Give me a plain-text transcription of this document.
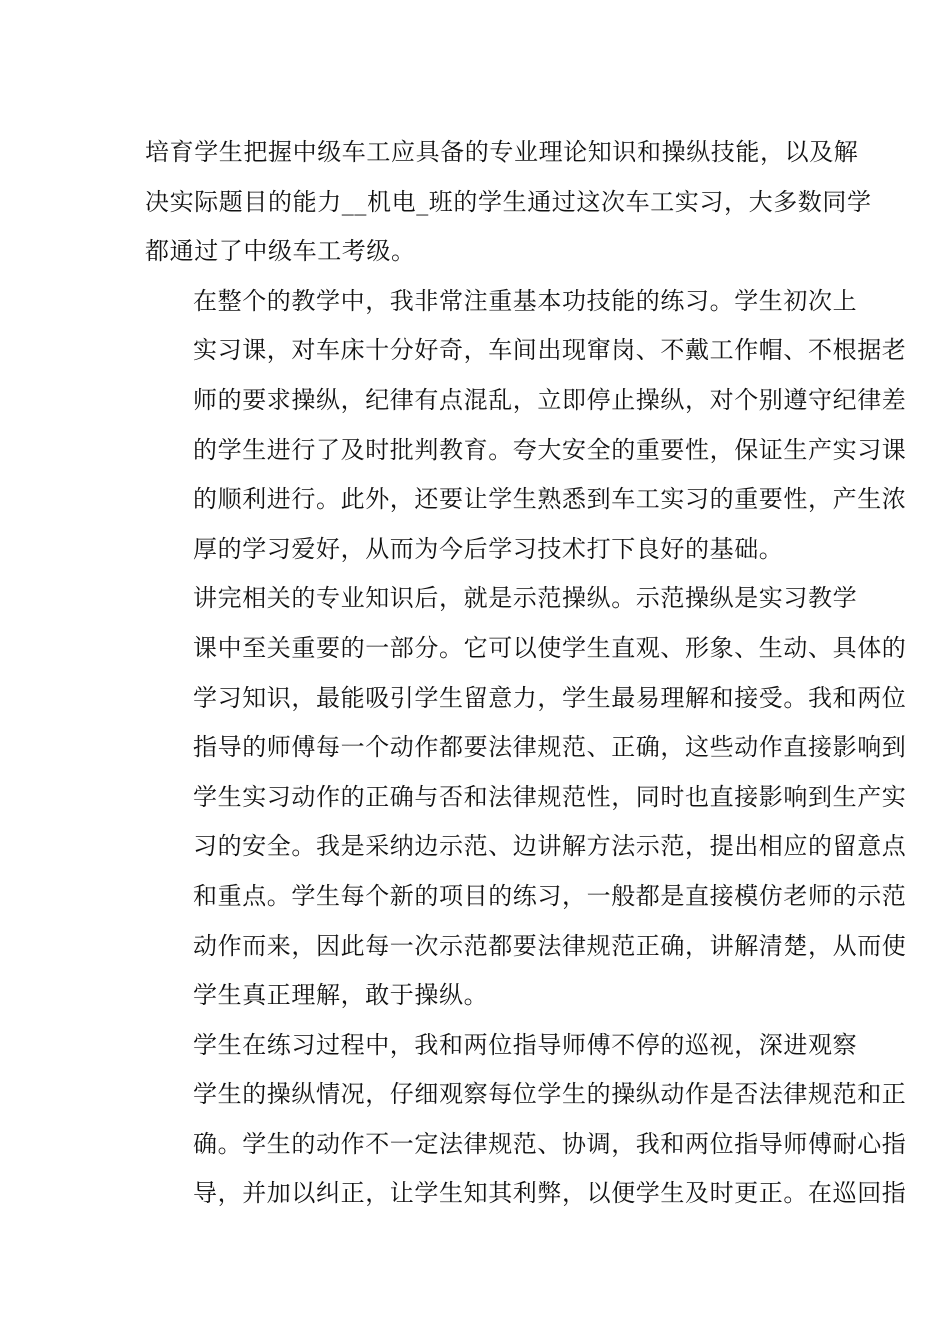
培育学生把握中级车工应具备的专业理论知识和操纵技能，以及解
决实际题目的能力__机电_班的学生通过这次车工实习，大多数同学
都通过了中级车工考级。

在整个的教学中，我非常注重基本功技能的练习。学生初次上
实习课，对车床十分好奇，车间出现窜岗、不戴工作帽、不根据老
师的要求操纵，纪律有点混乱，立即停止操纵，对个别遵守纪律差
的学生进行了及时批判教育。夸大安全的重要性，保证生产实习课
的顺利进行。此外，还要让学生熟悉到车工实习的重要性，产生浓
厚的学习爱好，从而为今后学习技术打下良好的基础。

讲完相关的专业知识后，就是示范操纵。示范操纵是实习教学
课中至关重要的一部分。它可以使学生直观、形象、生动、具体的
学习知识，最能吸引学生留意力，学生最易理解和接受。我和两位
指导的师傅每一个动作都要法律规范、正确，这些动作直接影响到
学生实习动作的正确与否和法律规范性，同时也直接影响到生产实
习的安全。我是采纳边示范、边讲解方法示范，提出相应的留意点
和重点。学生每个新的项目的练习，一般都是直接模仿老师的示范
动作而来，因此每一次示范都要法律规范正确，讲解清楚，从而使
学生真正理解，敢于操纵。

学生在练习过程中，我和两位指导师傅不停的巡视，深进观察
学生的操纵情况，仔细观察每位学生的操纵动作是否法律规范和正
确。学生的动作不一定法律规范、协调，我和两位指导师傅耐心指
导，并加以纠正，让学生知其利弊，以便学生及时更正。在巡回指
